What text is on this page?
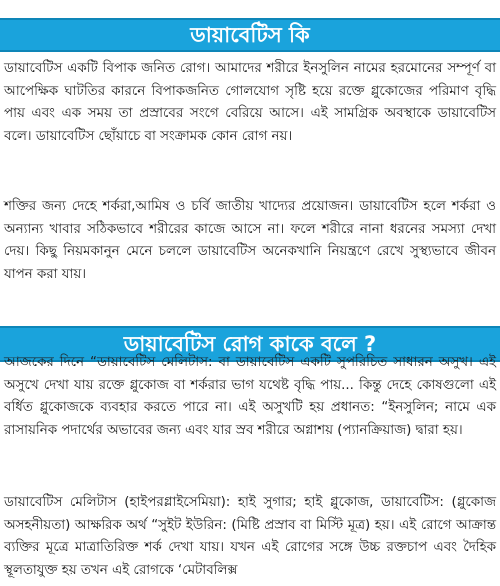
ডায়াবেটিস কি

ডায়াবেটিস একটি বিপাক জনিত রোগ। আমাদের শরীরে ইনসুলিন নামের হরমোনের সম্পূর্ণ বা আপেক্ষিক ঘাটতির কারনে বিপাকজনিত গোলযোগ সৃষ্টি হয়ে রক্তে গ্লুকোজের পরিমাণ বৃদ্ধি পায় এবং এক সময় তা প্রস্রাবের সংগে বেরিয়ে আসে। এই সামগ্রিক অবস্থাকে ডায়াবেটিস বলে। ডায়াবেটিস ছোঁয়াচে বা সংক্রামক কোন রোগ নয়।

শক্তির জন্য দেহে শর্করা,আমিষ ও চর্বি জাতীয় খাদ্যের প্রয়োজন। ডায়াবেটিস হলে শর্করা ও অন্যান্য খাবার সঠিকভাবে শরীরের কাজে আসে না। ফলে শরীরে নানা ধরনের সমস্যা দেখা দেয়। কিছু নিয়মকানুন মেনে চললে ডায়াবেটিস অনেকখানি নিয়ন্ত্রণে রেখে সুস্থ্যভাবে জীবন যাপন করা যায়।

ডায়াবেটিস রোগ কাকে বলে ?

আজকের দিনে “ডায়াবেটিস মেলিটাস: বা ডায়াবেটিস একটি সুপরিচিত সাধারন অসুখ। এই অসুখে দেখা যায় রক্তে গ্লুকোজ বা শর্করার ভাগ যথেষ্ট বৃদ্ধি পায়... কিন্তু দেহে কোষগুলো এই বর্ধিত গ্লুকোজকে ব্যবহার করতে পারে না। এই অসুখটি হয় প্রধানত: “ইনসুলিন; নামে এক রাসায়নিক পদার্থের অভাবের জন্য এবং যার স্রব শরীরে অগ্নাশয় (প্যানক্রিয়াজ) দ্বারা হয়।

ডায়াবেটিস মেলিটাস (হাইপরগ্লাইসেমিয়া): হাই সুগার; হাই গ্লুকোজ, ডায়াবেটিস: (গ্লুকোজ অসহনীয়তা) আক্ষরিক অর্থ “সুইট ইউরিন: (মিষ্টি প্রস্রাব বা মিস্টি মূত্র) হয়। এই রোগে আক্রান্ত ব্যক্তির মূত্রে মাত্রাতিরিক্ত শর্ক দেখা যায়। যখন এই রোগের সঙ্গে উচ্চ রক্তচাপ এবং দৈহিক স্থূলতাযুক্ত হয় তখন এই রোগকে ‘মেটাবলিক্স
